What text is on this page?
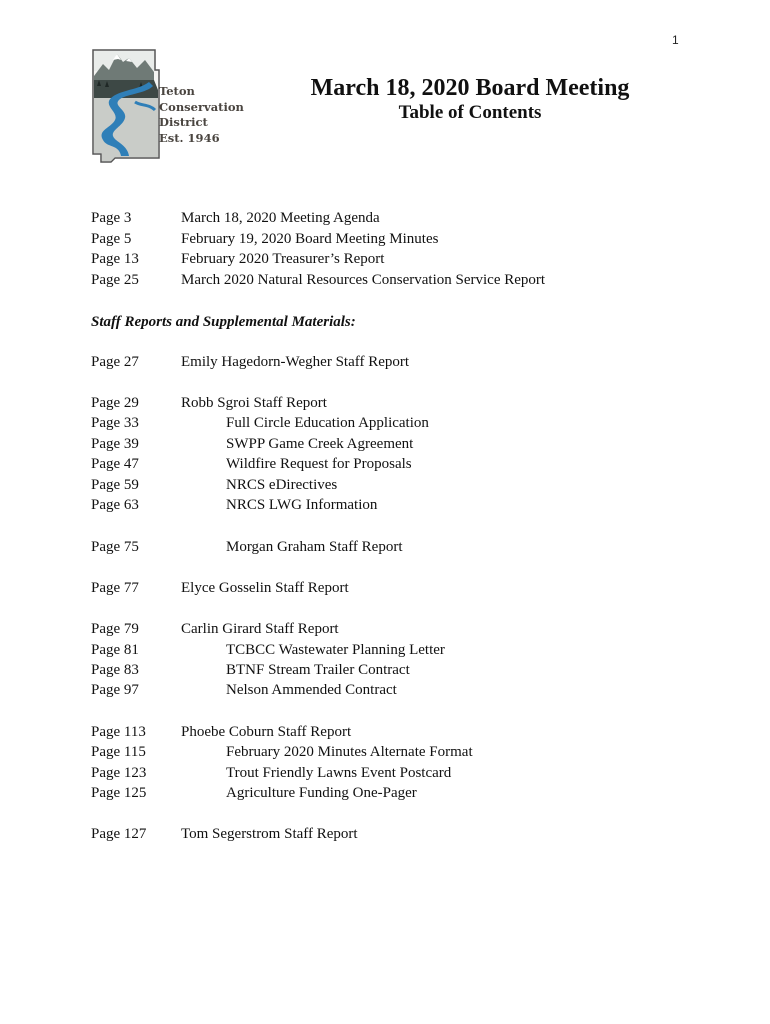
1
Teton
Conservation
District
Est. 1946
March 18, 2020 Board Meeting
Table of Contents
Page 3	March 18, 2020 Meeting Agenda
Page 5	February 19, 2020 Board Meeting Minutes
Page 13	February 2020 Treasurer’s Report
Page 25	March 2020 Natural Resources Conservation Service Report
Staff Reports and Supplemental Materials:
Page 27	Emily Hagedorn-Wegher Staff Report
Page 29	Robb Sgroi Staff Report
Page 33	Full Circle Education Application
Page 39	SWPP Game Creek Agreement
Page 47	Wildfire Request for Proposals
Page 59	NRCS eDirectives
Page 63	NRCS LWG Information
Page 75	Morgan Graham Staff Report
Page 77	Elyce Gosselin Staff Report
Page 79	Carlin Girard Staff Report
Page 81	TCBCC Wastewater Planning Letter
Page 83	BTNF Stream Trailer Contract
Page 97	Nelson Ammended Contract
Page 113 Phoebe Coburn Staff Report
Page 115	February 2020 Minutes Alternate Format
Page 123	Trout Friendly Lawns Event Postcard
Page 125	Agriculture Funding One-Pager
Page 127 Tom Segerstrom Staff Report
